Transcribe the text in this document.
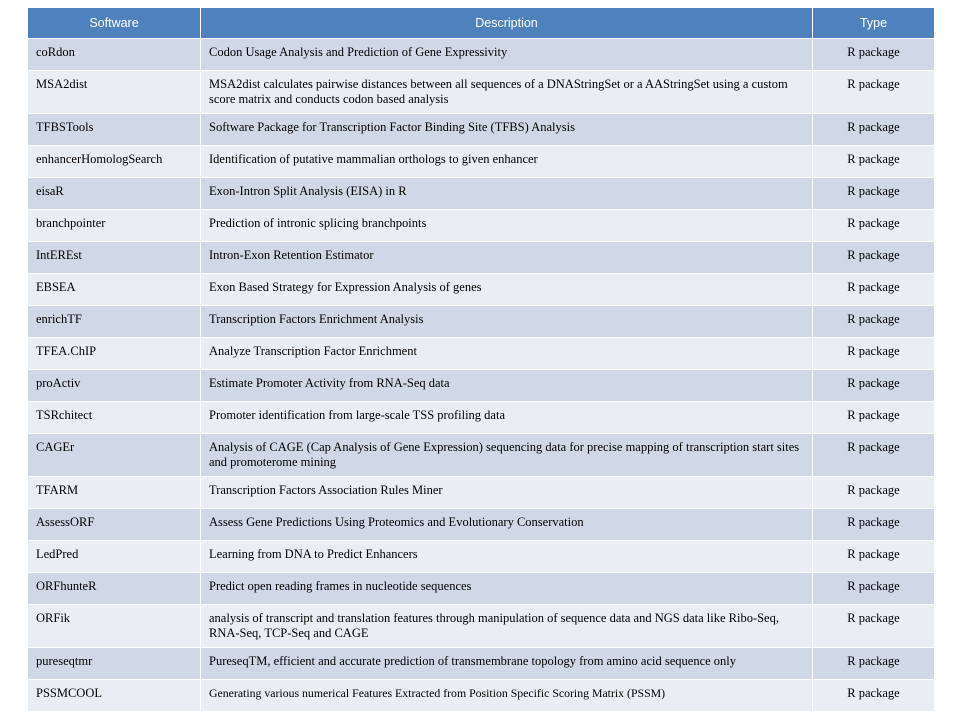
Software	Description	Type
coRdon	Codon Usage Analysis and Prediction of Gene Expressivity	R package
MSA2dist	MSA2dist calculates pairwise distances between all sequences of a DNAStringSet or a AAStringSet using a custom score matrix and conducts codon based analysis	R package
TFBSTools	Software Package for Transcription Factor Binding Site (TFBS) Analysis	R package
enhancerHomologSearch	Identification of putative mammalian orthologs to given enhancer	R package
eisaR	Exon-Intron Split Analysis (EISA) in R	R package
branchpointer	Prediction of intronic splicing branchpoints	R package
IntEREst	Intron-Exon Retention Estimator	R package
EBSEA	Exon Based Strategy for Expression Analysis of genes	R package
enrichTF	Transcription Factors Enrichment Analysis	R package
TFEA.ChIP	Analyze Transcription Factor Enrichment	R package
proActiv	Estimate Promoter Activity from RNA-Seq data	R package
TSRchitect	Promoter identification from large-scale TSS profiling data	R package
CAGEr	Analysis of CAGE (Cap Analysis of Gene Expression) sequencing data for precise mapping of transcription start sites and promoterome mining	R package
TFARM	Transcription Factors Association Rules Miner	R package
AssessORF	Assess Gene Predictions Using Proteomics and Evolutionary Conservation	R package
LedPred	Learning from DNA to Predict Enhancers	R package
ORFhunteR	Predict open reading frames in nucleotide sequences	R package
ORFik	analysis of transcript and translation features through manipulation of sequence data and NGS data like Ribo-Seq, RNA-Seq, TCP-Seq and CAGE	R package
pureseqtmr	PureseqTM, efficient and accurate prediction of transmembrane topology from amino acid sequence only	R package
PSSMCOOL	Generating various numerical Features Extracted from Position Specific Scoring Matrix (PSSM)	R package
